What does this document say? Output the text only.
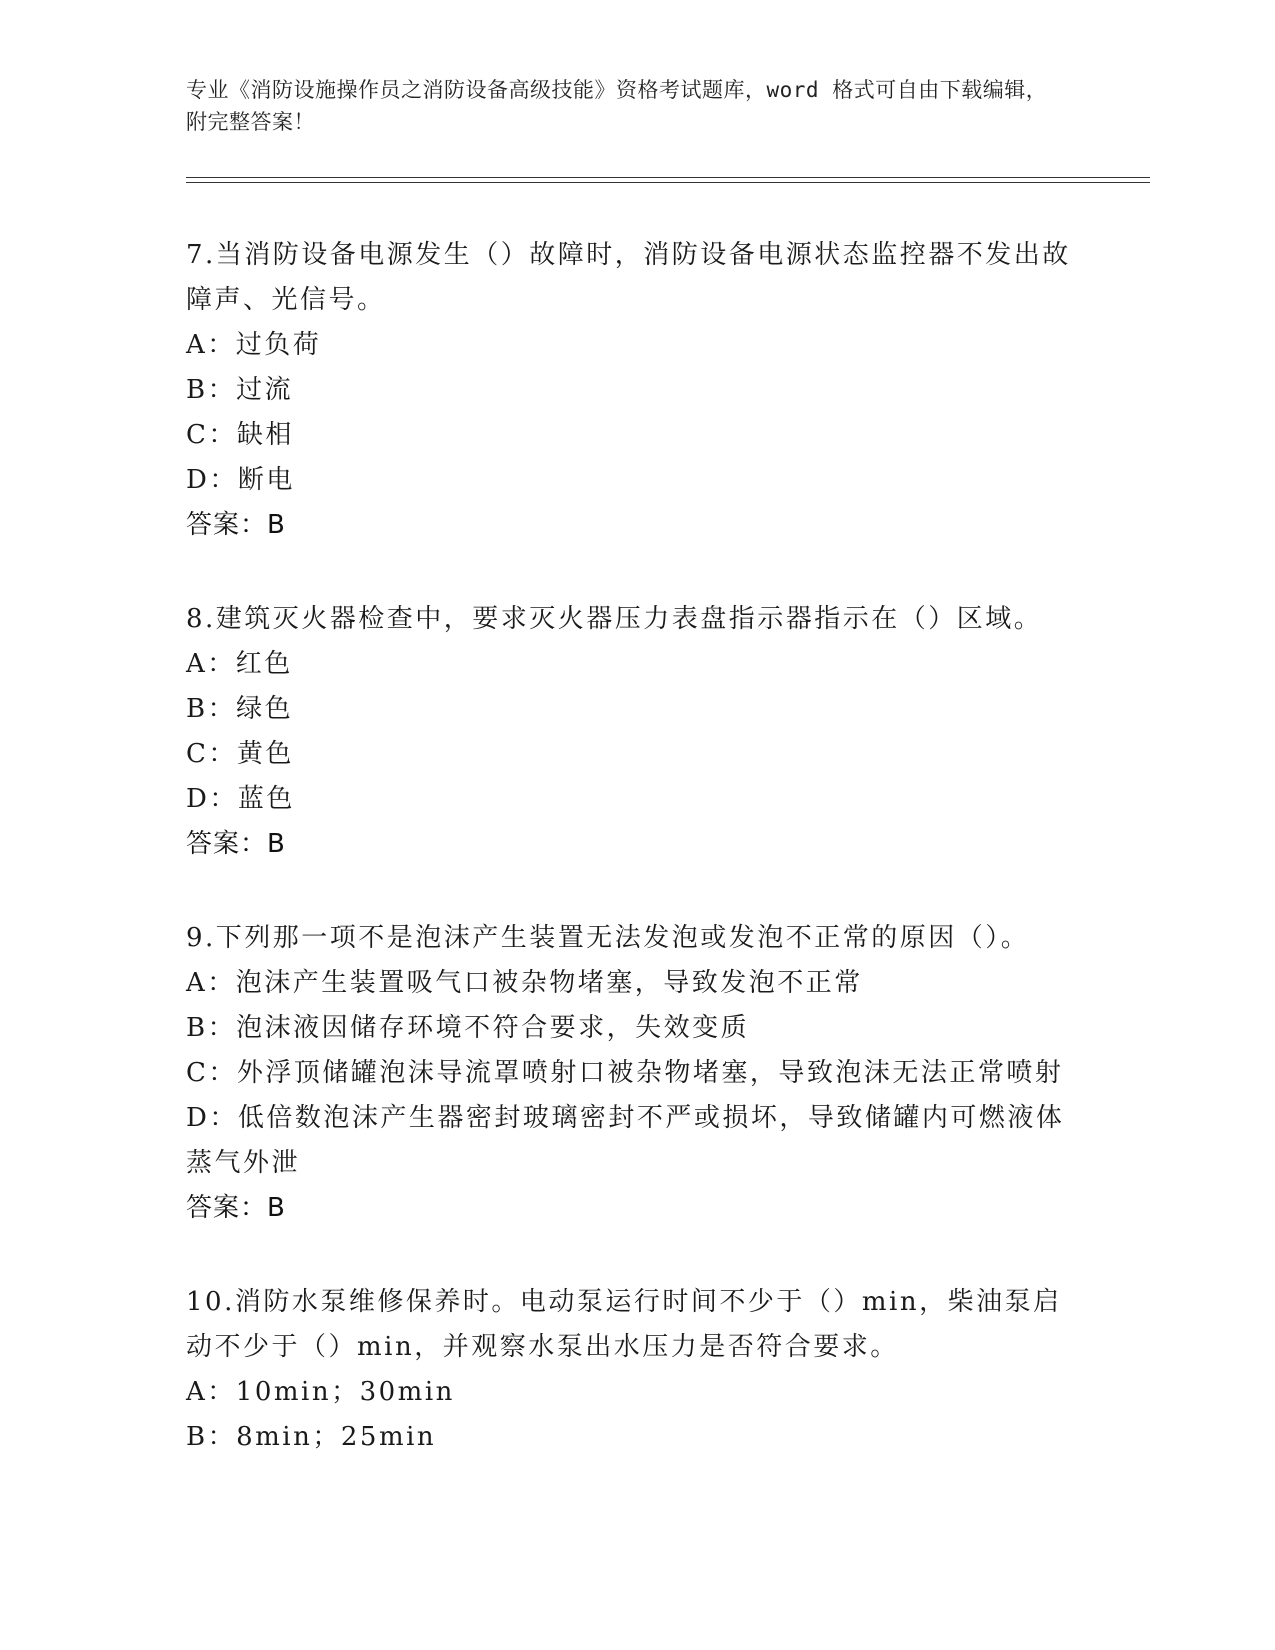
专业《消防设施操作员之消防设备高级技能》资格考试题库，word 格式可自由下载编辑，附完整答案！

7.当消防设备电源发生（）故障时，消防设备电源状态监控器不发出故障声、光信号。

A：过负荷

B：过流

C：缺相

D：断电

答案：B

8.建筑灭火器检查中，要求灭火器压力表盘指示器指示在（）区域。

A：红色

B：绿色

C：黄色

D：蓝色

答案：B

9.下列那一项不是泡沫产生装置无法发泡或发泡不正常的原因（）。

A：泡沫产生装置吸气口被杂物堵塞，导致发泡不正常

B：泡沫液因储存环境不符合要求，失效变质

C：外浮顶储罐泡沫导流罩喷射口被杂物堵塞，导致泡沫无法正常喷射

D：低倍数泡沫产生器密封玻璃密封不严或损坏，导致储罐内可燃液体蒸气外泄

答案：B

10.消防水泵维修保养时。电动泵运行时间不少于（）min，柴油泵启动不少于（）min，并观察水泵出水压力是否符合要求。

A：10min；30min

B：8min；25min
